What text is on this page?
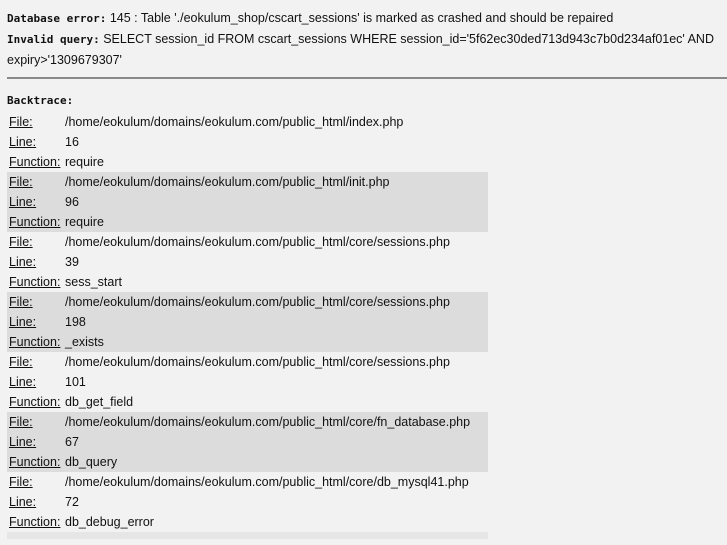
Database error: 145 : Table './eokulum_shop/cscart_sessions' is marked as crashed and should be repaired

Invalid query: SELECT session_id FROM cscart_sessions WHERE session_id='5f62ec30ded713d943c7b0d234af01ec' AND expiry>'1309679307'

Backtrace:
File:	/home/eokulum/domains/eokulum.com/public_html/index.php
Line:	16
Function:	require
File:	/home/eokulum/domains/eokulum.com/public_html/init.php
Line:	96
Function:	require
File:	/home/eokulum/domains/eokulum.com/public_html/core/sessions.php
Line:	39
Function:	sess_start
File:	/home/eokulum/domains/eokulum.com/public_html/core/sessions.php
Line:	198
Function:	_exists
File:	/home/eokulum/domains/eokulum.com/public_html/core/sessions.php
Line:	101
Function:	db_get_field
File:	/home/eokulum/domains/eokulum.com/public_html/core/fn_database.php
Line:	67
Function:	db_query
File:	/home/eokulum/domains/eokulum.com/public_html/core/db_mysql41.php
Line:	72
Function:	db_debug_error
